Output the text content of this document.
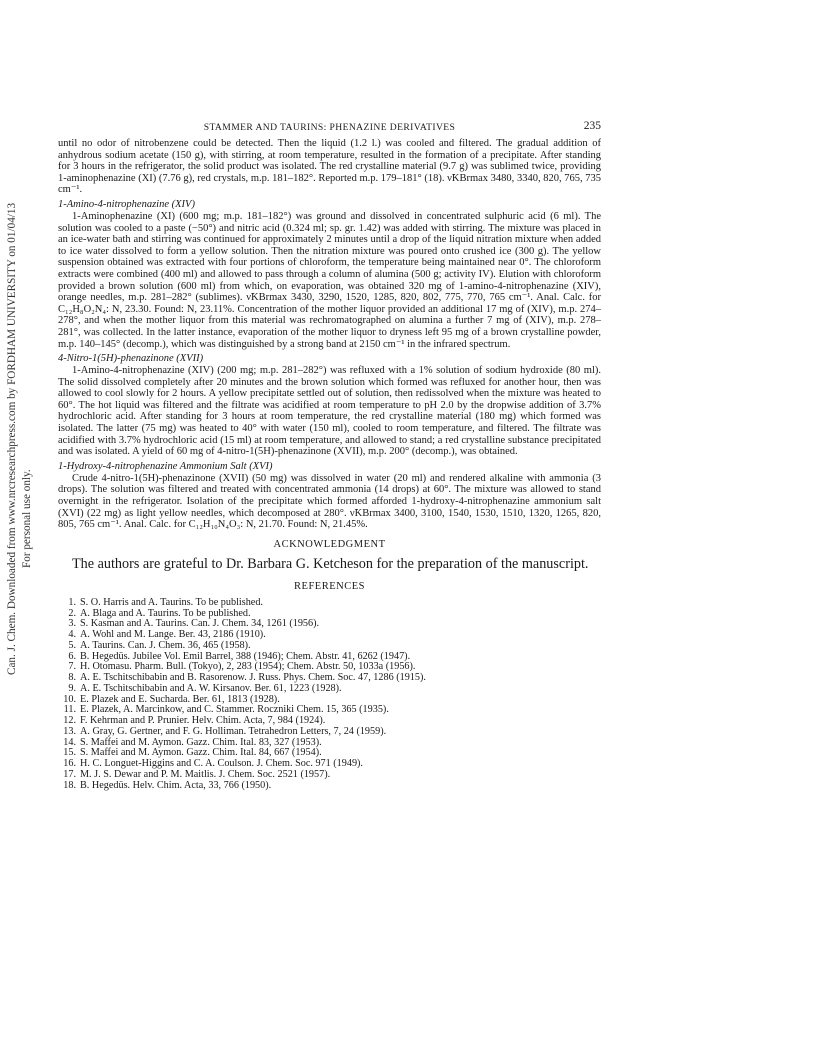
Can. J. Chem. Downloaded from www.nrcresearchpress.com by FORDHAM UNIVERSITY on 01/04/13 For personal use only.
STAMMER AND TAURINS: PHENAZINE DERIVATIVES	235

until no odor of nitrobenzene could be detected. Then the liquid (1.2 l.) was cooled and filtered. The gradual addition of anhydrous sodium acetate (150 g), with stirring, at room temperature, resulted in the formation of a precipitate. After standing for 3 hours in the refrigerator, the solid product was isolated. The red crystalline material (9.7 g) was sublimed twice, providing 1-aminophenazine (XI) (7.76 g), red crystals, m.p. 181–182°. Reported m.p. 179–181° (18). ν̃KBrmax 3480, 3340, 820, 765, 735 cm⁻¹.

1-Amino-4-nitrophenazine (XIV)

1-Aminophenazine (XI) (600 mg; m.p. 181–182°) was ground and dissolved in concentrated sulphuric acid (6 ml). The solution was cooled to a paste (−50°) and nitric acid (0.324 ml; sp. gr. 1.42) was added with stirring. The mixture was placed in an ice-water bath and stirring was continued for approximately 2 minutes until a drop of the liquid nitration mixture when added to ice water dissolved to form a yellow solution. Then the nitration mixture was poured onto crushed ice (300 g). The yellow suspension obtained was extracted with four portions of chloroform, the temperature being maintained near 0°. The chloroform extracts were combined (400 ml) and allowed to pass through a column of alumina (500 g; activity IV). Elution with chloroform provided a brown solution (600 ml) from which, on evaporation, was obtained 320 mg of 1-amino-4-nitrophenazine (XIV), orange needles, m.p. 281–282° (sublimes). ν̃KBrmax 3430, 3290, 1520, 1285, 820, 802, 775, 770, 765 cm⁻¹. Anal. Calc. for C₁₂H₈O₂N₄: N, 23.30. Found: N, 23.11%. Concentration of the mother liquor provided an additional 17 mg of (XIV), m.p. 274–278°, and when the mother liquor from this material was rechromatographed on alumina a further 7 mg of (XIV), m.p. 278–281°, was collected. In the latter instance, evaporation of the mother liquor to dryness left 95 mg of a brown crystalline powder, m.p. 140–145° (decomp.), which was distinguished by a strong band at 2150 cm⁻¹ in the infrared spectrum.

4-Nitro-1(5H)-phenazinone (XVII)

1-Amino-4-nitrophenazine (XIV) (200 mg; m.p. 281–282°) was refluxed with a 1% solution of sodium hydroxide (80 ml). The solid dissolved completely after 20 minutes and the brown solution which formed was refluxed for another hour, then was allowed to cool slowly for 2 hours. A yellow precipitate settled out of solution, then redissolved when the mixture was heated to 60°. The hot liquid was filtered and the filtrate was acidified at room temperature to pH 2.0 by the dropwise addition of 3.7% hydrochloric acid. After standing for 3 hours at room temperature, the red crystalline material (180 mg) which formed was isolated. The latter (75 mg) was heated to 40° with water (150 ml), cooled to room temperature, and filtered. The filtrate was acidified with 3.7% hydrochloric acid (15 ml) at room temperature, and allowed to stand; a red crystalline substance precipitated and was isolated. A yield of 60 mg of 4-nitro-1(5H)-phenazinone (XVII), m.p. 200° (decomp.), was obtained.

1-Hydroxy-4-nitrophenazine Ammonium Salt (XVI)

Crude 4-nitro-1(5H)-phenazinone (XVII) (50 mg) was dissolved in water (20 ml) and rendered alkaline with ammonia (3 drops). The solution was filtered and treated with concentrated ammonia (14 drops) at 60°. The mixture was allowed to stand overnight in the refrigerator. Isolation of the precipitate which formed afforded 1-hydroxy-4-nitrophenazine ammonium salt (XVI) (22 mg) as light yellow needles, which decomposed at 280°. ν̃KBrmax 3400, 3100, 1540, 1530, 1510, 1320, 1265, 820, 805, 765 cm⁻¹. Anal. Calc. for C₁₂H₁₀N₄O₃: N, 21.70. Found: N, 21.45%.

ACKNOWLEDGMENT

The authors are grateful to Dr. Barbara G. Ketcheson for the preparation of the manuscript.

REFERENCES
1. S. O. Harris and A. Taurins. To be published.
2. A. Blaga and A. Taurins. To be published.
3. S. Kasman and A. Taurins. Can. J. Chem. 34, 1261 (1956).
4. A. Wohl and M. Lange. Ber. 43, 2186 (1910).
5. A. Taurins. Can. J. Chem. 36, 465 (1958).
6. B. Hegedüs. Jubilee Vol. Emil Barrel, 388 (1946); Chem. Abstr. 41, 6262 (1947).
7. H. Otomasu. Pharm. Bull. (Tokyo), 2, 283 (1954); Chem. Abstr. 50, 1033a (1956).
8. A. E. Tschitschibabin and B. Rasorenow. J. Russ. Phys. Chem. Soc. 47, 1286 (1915).
9. A. E. Tschitschibabin and A. W. Kirsanov. Ber. 61, 1223 (1928).
10. E. Plazek and E. Sucharda. Ber. 61, 1813 (1928).
11. E. Plazek, A. Marcinkow, and C. Stammer. Roczniki Chem. 15, 365 (1935).
12. F. Kehrman and P. Prunier. Helv. Chim. Acta, 7, 984 (1924).
13. A. Gray, G. Gertner, and F. G. Holliman. Tetrahedron Letters, 7, 24 (1959).
14. S. Maffei and M. Aymon. Gazz. Chim. Ital. 83, 327 (1953).
15. S. Maffei and M. Aymon. Gazz. Chim. Ital. 84, 667 (1954).
16. H. C. Longuet-Higgins and C. A. Coulson. J. Chem. Soc. 971 (1949).
17. M. J. S. Dewar and P. M. Maitlis. J. Chem. Soc. 2521 (1957).
18. B. Hegedüs. Helv. Chim. Acta, 33, 766 (1950).
